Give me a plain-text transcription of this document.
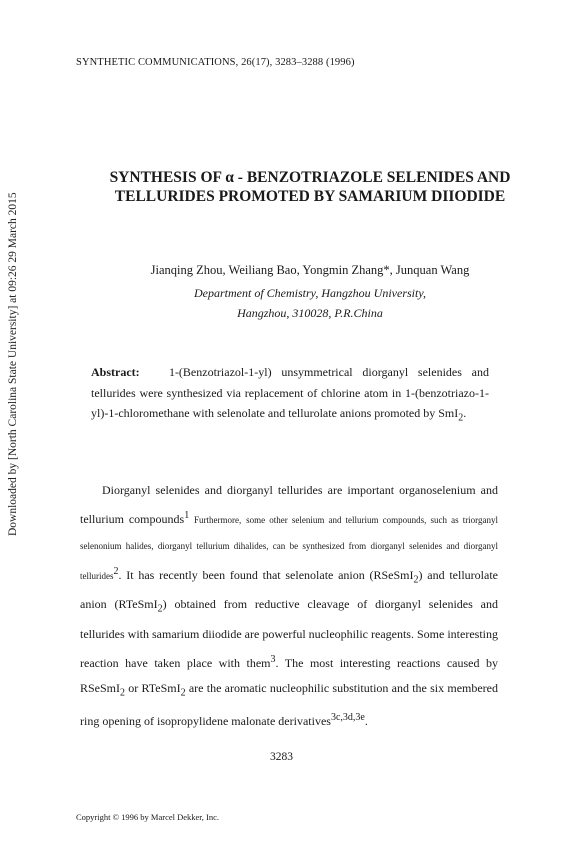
Downloaded by [North Carolina State University] at 09:26 29 March 2015
SYNTHETIC COMMUNICATIONS, 26(17), 3283–3288 (1996)
SYNTHESIS OF α - BENZOTRIAZOLE SELENIDES AND
TELLURIDES PROMOTED BY SAMARIUM DIIODIDE
Jianqing Zhou, Weiliang Bao, Yongmin Zhang*, Junquan Wang
Department of Chemistry, Hangzhou University,
Hangzhou, 310028, P.R.China
Abstract: 1-(Benzotriazol-1-yl) unsymmetrical diorganyl selenides and tellurides were synthesized via replacement of chlorine atom in 1-(benzotriazo-1-yl)-1-chloromethane with selenolate and tellurolate anions promoted by SmI$_2$.
Diorganyl selenides and diorganyl tellurides are important organoselenium and tellurium compounds$^1$ Furthermore, some other selenium and tellurium compounds, such as triorganyl selenonium halides, diorganyl tellurium dihalides, can be synthesized from diorganyl selenides and diorganyl tellurides$^2$. It has recently been found that selenolate anion (RSeSmI$_2$) and tellurolate anion (RTeSmI$_2$) obtained from reductive cleavage of diorganyl selenides and tellurides with samarium diiodide are powerful nucleophilic reagents. Some interesting reaction have taken place with them$^3$. The most interesting reactions caused by RSeSmI$_2$ or RTeSmI$_2$ are the aromatic nucleophilic substitution and the six membered ring opening of isopropylidene malonate derivatives$^{3c,3d,3e}$.
3283
Copyright © 1996 by Marcel Dekker, Inc.
